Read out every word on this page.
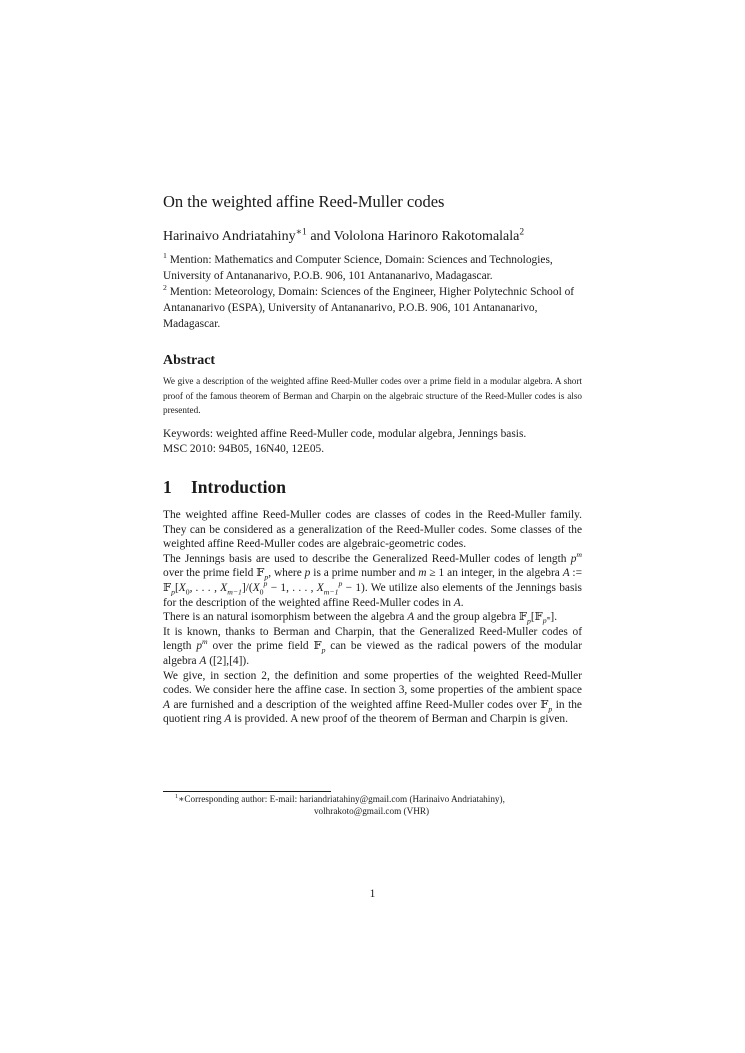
On the weighted affine Reed-Muller codes
Harinaivo Andriatahiny$^{∗1}$ and Vololona Harinoro Rakotomalala$^2$

$^1$ Mention: Mathematics and Computer Science, Domain: Sciences and Technologies, University of Antananarivo, P.O.B. 906, 101 Antananarivo, Madagascar.

$^2$ Mention: Meteorology, Domain: Sciences of the Engineer, Higher Polytechnic School of Antananarivo (ESPA), University of Antananarivo, P.O.B. 906, 101 Antananarivo, Madagascar.

Abstract
We give a description of the weighted affine Reed-Muller codes over a prime field in a modular algebra. A short proof of the famous theorem of Berman and Charpin on the algebraic structure of the Reed-Muller codes is also presented.

Keywords: weighted affine Reed-Muller code, modular algebra, Jennings basis.

MSC 2010: 94B05, 16N40, 12E05.

1 Introduction

The weighted affine Reed-Muller codes are classes of codes in the Reed-Muller family. They can be considered as a generalization of the Reed-Muller codes. Some classes of the weighted affine Reed-Muller codes are algebraic-geometric codes.

The Jennings basis are used to describe the Generalized Reed-Muller codes of length $p^m$ over the prime field 𝔽$_p$, where p is a prime number and m ≥ 1 an integer, in the algebra A := $𝔽_p[X_0$, . . . , $X_{m-1}]/(X_0^p - 1$, . . . , $X_{m-1}^p - 1$). We utilize also elements of the Jennings basis for the description of the weighted affine Reed-Muller codes in A.

There is an natural isomorphism between the algebra A and the group algebra 𝔽$_p$[𝔽$_{p^m}$].

It is known, thanks to Berman and Charpin, that the Generalized Reed-Muller codes of length $p^m$ over the prime field 𝔽$_p$ can be viewed as the radical powers of the modular algebra A ([2],[4]).

We give, in section 2, the definition and some properties of the weighted Reed-Muller codes. We consider here the affine case. In section 3, some properties of the ambient space A are furnished and a description of the weighted affine Reed-Muller codes over 𝔽$_p$ in the quotient ring A is provided. A new proof of the theorem of Berman and Charpin is given.

$^1$∗Corresponding author: E-mail: hariandriatahiny@gmail.com (Harinaivo Andriatahiny),
volhrakoto@gmail.com (VHR)
1
